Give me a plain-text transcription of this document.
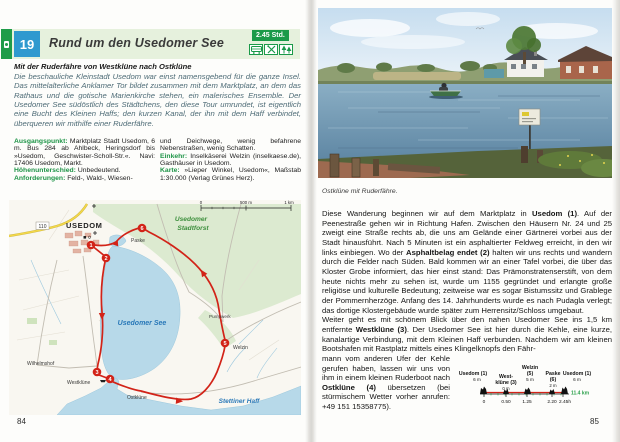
19	Rund um den Usedomer See
2.45 Std.
Mit der Ruderfähre von Westklüne nach Ostklüne
Die beschauliche Kleinstadt Usedom war einst namensgebend für die ganze Insel. Das mittelalterliche Anklamer Tor bildet zusammen mit dem Marktplatz, an dem das Rathaus und die gotische Marienkirche stehen, ein malerisches Ensemble. Der Usedomer See südöstlich des Städtchens, den diese Tour umrundet, ist eigentlich eine Bucht des Kleinen Haffs; den kurzen Kanal, der ihn mit dem Haff verbindet, überqueren wir mithilfe einer Ruderfähre.
Ausgangspunkt: Marktplatz Stadt Usedom, 6 m. Bus 284 ab Ahlbeck, Heringsdorf bis »Usedom, Geschwister-Scholl-Str.«. Navi: 17406 Usedom, Markt.
Höhenunterschied: Unbedeutend.
Anforderungen: Feld-, Wald-, Wiesen-
und Deichwege, wenig befahrene Nebenstraßen, wenig Schatten.
Einkehr: Inselkäserei Welzin (inselkaese.de), Gasthäuser in Usedom.
Karte: »Lieper Winkel, Usedom«, Maßstab 1:30.000 (Verlag Grünes Herz).
110
1
2
3
4
5
6
USEDOM
Paske
Usedomer
Stadtforst
Usedomer See
Stettiner Haff
Wilhelmshof
Westklüne
Ostklüne
Welzin
Pumpwerk
0	500 m	1 km
84
Ostklüne mit Ruderfähre.
Diese Wanderung beginnen wir auf dem Marktplatz in Usedom (1). Auf der Peenestraße gehen wir in Richtung Hafen. Zwischen den Häusern Nr. 24 und 25 zweigt eine Straße rechts ab, die uns am Gelände einer Gärtnerei vorbei aus der Stadt hinausführt. Nach 5 Minuten ist ein asphaltierter Feldweg erreicht, in den wir links einbiegen. Wo der Asphaltbelag endet (2) halten wir uns rechts und wandern durch die Felder nach Süden. Bald kommen wir an einer Tafel vorbei, die über das Kloster Grobe informiert, das hier einst stand: Das Prämonstratenserstift, von dem heute nichts mehr zu sehen ist, wurde um 1155 gegründet und erlangte große religiöse und kulturelle Bedeutung; zeitweise war es sogar Bistumssitz und Grablege der Pommernherzöge. Anfang des 14. Jahrhunderts wurde es nach Pudagla verlegt; das dortige Klostergebäude wurde später zum Herrensitz/Schloss umgebaut.
Weiter geht es mit schönem Blick über den nahen Usedomer See ins 1,5 km entfernte Westklüne (3). Der Usedomer See ist hier durch die Kehle, eine kurze, kanalartige Verbindung, mit dem Kleinen Haff verbunden. Nachdem wir am kleinen Bootshafen mit Rastplatz mittels eines Klingelknopfs den Fähr-
mann vom anderen Ufer der Kehle gerufen haben, lassen wir uns von ihm in einem kleinen Ruderboot nach Ostklüne (4) übersetzen (bei stürmischem Wetter vorher anrufen: +49 151 15358775).
Usedom (1)
6 m	West-
klüne (3)
0 m
Welzin
(5)
5 m
Paske
(6)
2 m
Usedom (1)
6 m
0	0.50 1.25	2.20 2.45h
11.4 km
85
